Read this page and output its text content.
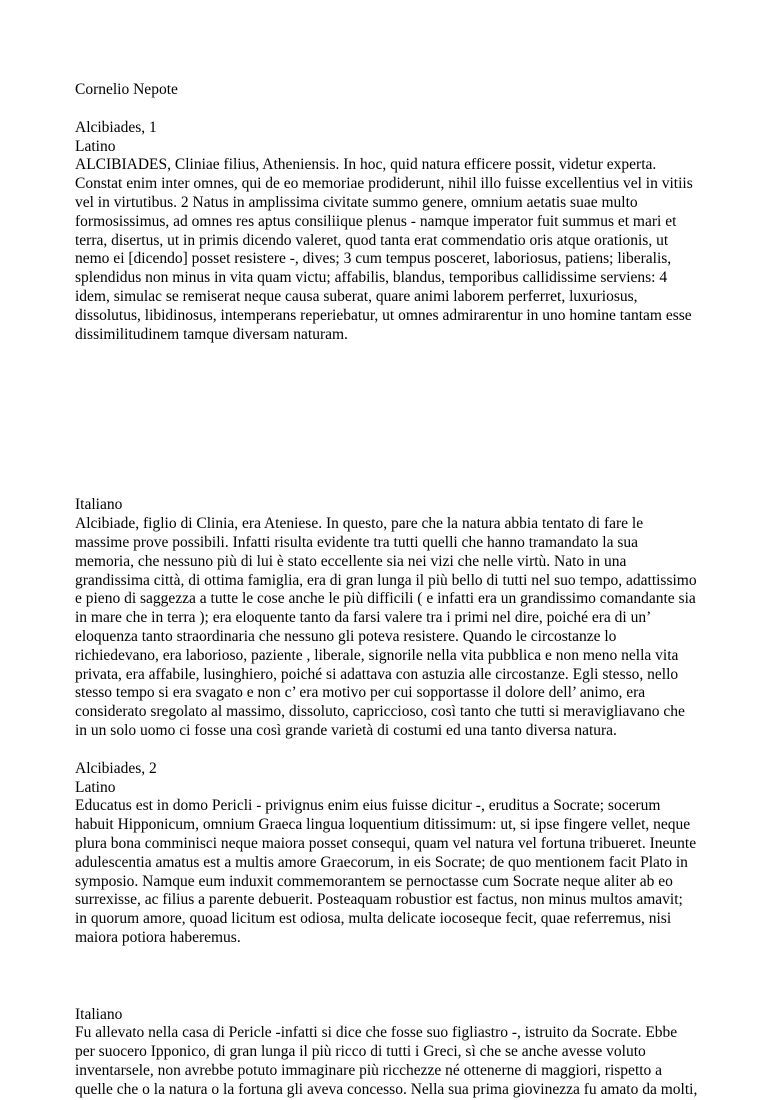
Cornelio Nepote

Alcibiades, 1
Latino
ALCIBIADES, Cliniae filius, Atheniensis. In hoc, quid natura efficere possit, videtur experta.
Constat enim inter omnes, qui de eo memoriae prodiderunt, nihil illo fuisse excellentius vel in vitiis
vel in virtutibus. 2 Natus in amplissima civitate summo genere, omnium aetatis suae multo
formosissimus, ad omnes res aptus consiliique plenus - namque imperator fuit summus et mari et
terra, disertus, ut in primis dicendo valeret, quod tanta erat commendatio oris atque orationis, ut
nemo ei [dicendo] posset resistere -, dives; 3 cum tempus posceret, laboriosus, patiens; liberalis,
splendidus non minus in vita quam victu; affabilis, blandus, temporibus callidissime serviens: 4
idem, simulac se remiserat neque causa suberat, quare animi laborem perferret, luxuriosus,
dissolutus, libidinosus, intemperans reperiebatur, ut omnes admirarentur in uno homine tantam esse
dissimilitudinem tamque diversam naturam.
Italiano
Alcibiade, figlio di Clinia, era Ateniese. In questo, pare che la natura abbia tentato di fare le
massime prove possibili. Infatti risulta evidente tra tutti quelli che hanno tramandato la sua
memoria, che nessuno più di lui è stato eccellente sia nei vizi che nelle virtù. Nato in una
grandissima città, di ottima famiglia, era di gran lunga il più bello di tutti nel suo tempo, adattissimo
e pieno di saggezza a tutte le cose anche le più difficili ( e infatti era un grandissimo comandante sia
in mare che in terra ); era eloquente tanto da farsi valere tra i primi nel dire, poiché era di un’
eloquenza tanto straordinaria che nessuno gli poteva resistere. Quando le circostanze lo
richiedevano, era laborioso, paziente , liberale, signorile nella vita pubblica e non meno nella vita
privata, era affabile, lusinghiero, poiché si adattava con astuzia alle circostanze. Egli stesso, nello
stesso tempo si era svagato e non c’ era motivo per cui sopportasse il dolore dell’ animo, era
considerato sregolato al massimo, dissoluto, capriccioso, così tanto che tutti si meravigliavano che
in un solo uomo ci fosse una così grande varietà di costumi ed una tanto diversa natura.
Alcibiades, 2
Latino
Educatus est in domo Pericli - privignus enim eius fuisse dicitur -, eruditus a Socrate; socerum
habuit Hipponicum, omnium Graeca lingua loquentium ditissimum: ut, si ipse fingere vellet, neque
plura bona comminisci neque maiora posset consequi, quam vel natura vel fortuna tribueret. Ineunte
adulescentia amatus est a multis amore Graecorum, in eis Socrate; de quo mentionem facit Plato in
symposio. Namque eum induxit commemorantem se pernoctasse cum Socrate neque aliter ab eo
surrexisse, ac filius a parente debuerit. Posteaquam robustior est factus, non minus multos amavit;
in quorum amore, quoad licitum est odiosa, multa delicate iocoseque fecit, quae referremus, nisi
maiora potiora haberemus.
Italiano
Fu allevato nella casa di Pericle -infatti si dice che fosse suo figliastro -, istruito da Socrate. Ebbe
per suocero Ipponico, di gran lunga il più ricco di tutti i Greci, sì che se anche avesse voluto
inventarsele, non avrebbe potuto immaginare più ricchezze né ottenerne di maggiori, rispetto a
quelle che o la natura o la fortuna gli aveva concesso. Nella sua prima giovinezza fu amato da molti,
